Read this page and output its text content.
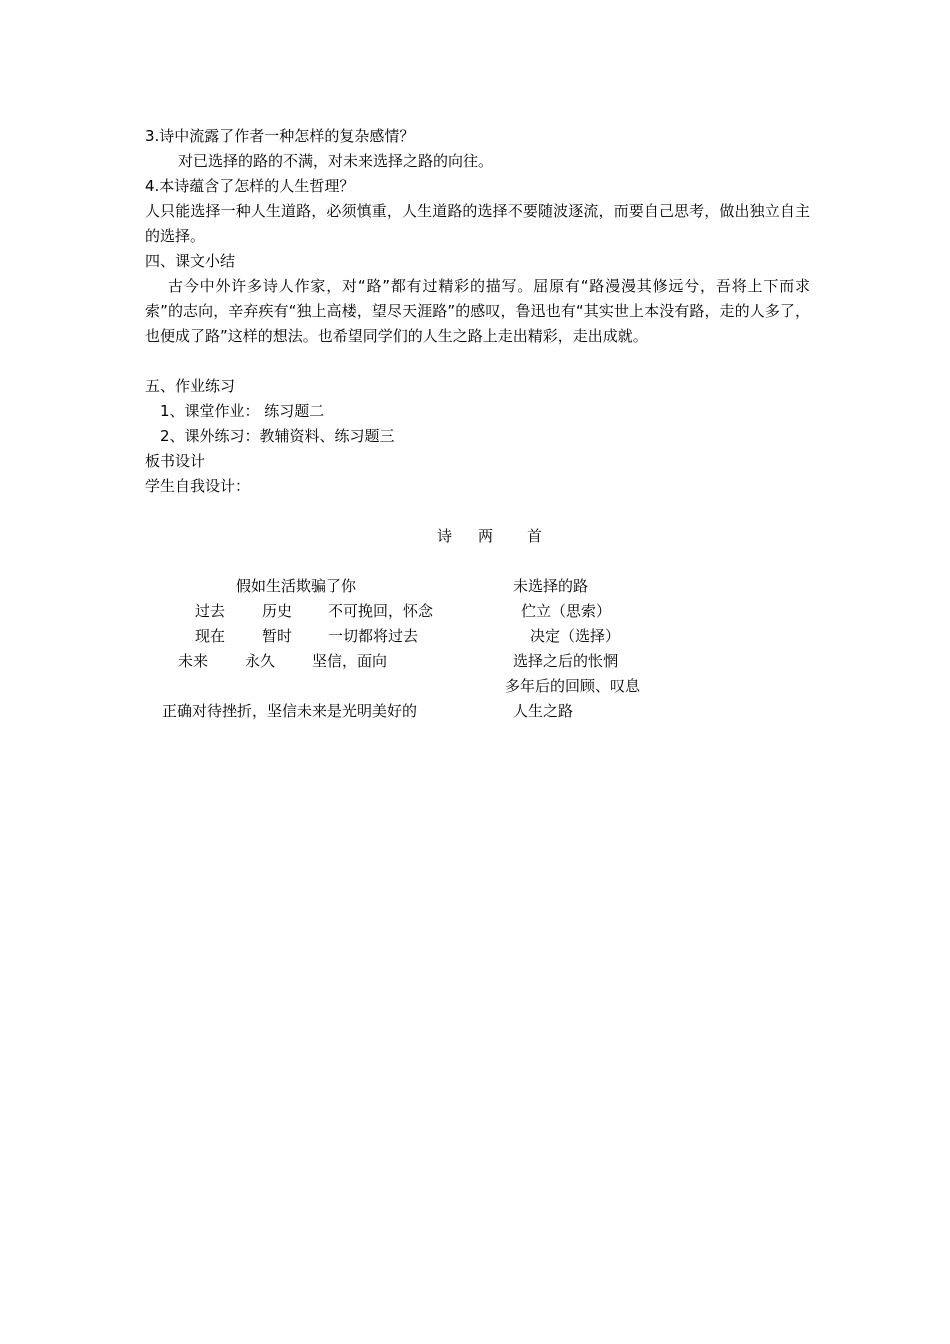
3.诗中流露了作者一种怎样的复杂感情？
对已选择的路的不满，对未来选择之路的向往。
4.本诗蕴含了怎样的人生哲理？
人只能选择一种人生道路，必须慎重，人生道路的选择不要随波逐流，而要自己思考，做出独立自主的选择。
四、课文小结
古今中外许多诗人作家，对“路”都有过精彩的描写。屈原有“路漫漫其修远兮，吾将上下而求索”的志向，辛弃疾有“独上高楼，望尽天涯路”的感叹，鲁迅也有“其实世上本没有路，走的人多了，也便成了路”这样的想法。也希望同学们的人生之路上走出精彩，走出成就。
五、作业练习
1、课堂作业： 练习题二
2、课外练习：教辅资料、练习题三
板书设计
学生自我设计：
诗 两 首
假如生活欺骗了你
过去 历史 不可挽回，怀念
现在 暂时 一切都将过去
未来 永久 坚信，面向
正确对待挫折，坚信未来是光明美好的
未选择的路
伫立（思索）
决定（选择）
选择之后的怅惘
多年后的回顾、叹息
人生之路
